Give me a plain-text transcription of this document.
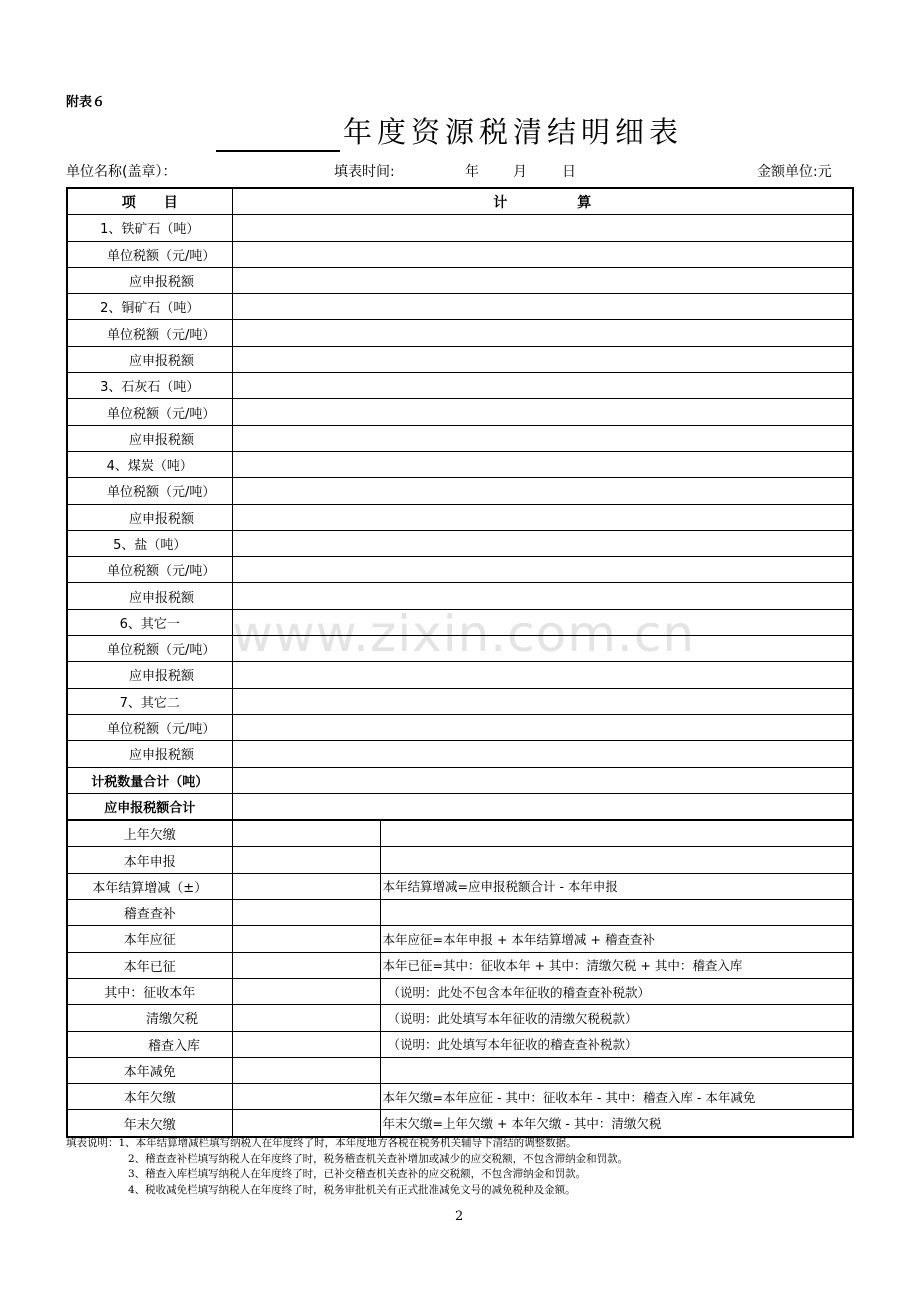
附表６
年度资源税清结明细表
单位名称(盖章）：	填表时间:	年 月	日	金额单位:元
www.zixin.com.cn
项　　目	计　　　　　算	
1、铁矿石（吨）		
单位税额（元/吨）		
应申报税额		
2、铜矿石（吨）		
单位税额（元/吨）		
应申报税额		
3、石灰石（吨）		
单位税额（元/吨）		
应申报税额		
4、煤炭（吨）		
单位税额（元/吨）		
应申报税额		
5、盐（吨）		
单位税额（元/吨）		
应申报税额		
6、其它一		
单位税额（元/吨）		
应申报税额		
7、其它二		
单位税额（元/吨）		
应申报税额		
计税数量合计（吨）		
应申报税额合计		
上年欠缴		
本年申报		
本年结算增减（±）		本年结算增减=应申报税额合计 - 本年申报
稽查查补		
本年应征		本年应征=本年申报 + 本年结算增减 + 稽查查补
本年已征		本年已征=其中：征收本年 + 其中：清缴欠税 + 其中：稽查入库
其中：征收本年		（说明：此处不包含本年征收的稽查查补税款）
清缴欠税		（说明：此处填写本年征收的清缴欠税税款）
稽查入库		（说明：此处填写本年征收的稽查查补税款）
本年减免		
本年欠缴		本年欠缴=本年应征 - 其中：征收本年 - 其中：稽查入库 - 本年减免
年末欠缴		年末欠缴=上年欠缴 + 本年欠缴 - 其中：清缴欠税
填表说明：1、本年结算增减栏填写纳税人在年度终了时，本年度地方各税在税务机关辅导下清结的调整数据。
2、稽查查补栏填写纳税人在年度终了时，税务稽查机关查补增加或减少的应交税额，不包含滞纳金和罚款。
3、稽查入库栏填写纳税人在年度终了时，已补交稽查机关查补的应交税额，不包含滞纳金和罚款。
4、税收减免栏填写纳税人在年度终了时，税务审批机关有正式批准减免文号的减免税种及金额。
2
